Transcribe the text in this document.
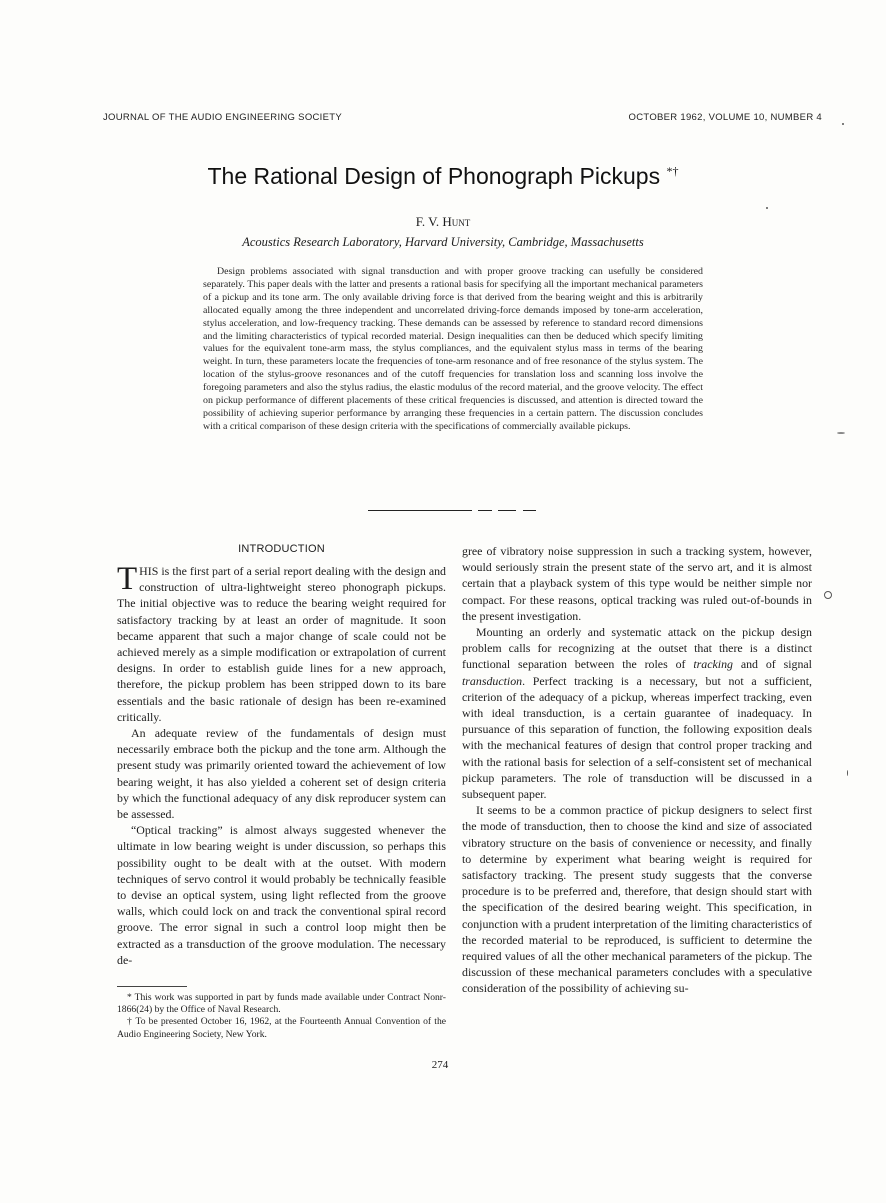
JOURNAL OF THE AUDIO ENGINEERING SOCIETY	OCTOBER 1962, VOLUME 10, NUMBER 4
The Rational Design of Phonograph Pickups *†
F. V. Hunt
Acoustics Research Laboratory, Harvard University, Cambridge, Massachusetts
Design problems associated with signal transduction and with proper groove tracking can usefully be considered separately. This paper deals with the latter and presents a rational basis for specifying all the important mechanical parameters of a pickup and its tone arm. The only available driving force is that derived from the bearing weight and this is arbitrarily allocated equally among the three independent and uncorrelated driving-force demands imposed by tone-arm acceleration, stylus acceleration, and low-frequency tracking. These demands can be assessed by reference to standard record dimensions and the limiting characteristics of typical recorded material. Design inequalities can then be deduced which specify limiting values for the equivalent tone-arm mass, the stylus compliances, and the equivalent stylus mass in terms of the bearing weight. In turn, these parameters locate the frequencies of tone-arm resonance and of free resonance of the stylus system. The location of the stylus-groove resonances and of the cutoff frequencies for translation loss and scanning loss involve the foregoing parameters and also the stylus radius, the elastic modulus of the record material, and the groove velocity. The effect on pickup performance of different placements of these critical frequencies is discussed, and attention is directed toward the possibility of achieving superior performance by arranging these frequencies in a certain pattern. The discussion concludes with a critical comparison of these design criteria with the specifications of commercially available pickups.
INTRODUCTION

THIS is the first part of a serial report dealing with the design and construction of ultra-lightweight stereo phonograph pickups. The initial objective was to reduce the bearing weight required for satisfactory tracking by at least an order of magnitude. It soon became apparent that such a major change of scale could not be achieved merely as a simple modification or extrapolation of current designs. In order to establish guide lines for a new approach, therefore, the pickup problem has been stripped down to its bare essentials and the basic rationale of design has been re-examined critically.

An adequate review of the fundamentals of design must necessarily embrace both the pickup and the tone arm. Although the present study was primarily oriented toward the achievement of low bearing weight, it has also yielded a coherent set of design criteria by which the functional adequacy of any disk reproducer system can be assessed.

“Optical tracking” is almost always suggested whenever the ultimate in low bearing weight is under discussion, so perhaps this possibility ought to be dealt with at the outset. With modern techniques of servo control it would probably be technically feasible to devise an optical system, using light reflected from the groove walls, which could lock on and track the conventional spiral record groove. The error signal in such a control loop might then be extracted as a transduction of the groove modulation. The necessary de-

gree of vibratory noise suppression in such a tracking system, however, would seriously strain the present state of the servo art, and it is almost certain that a playback system of this type would be neither simple nor compact. For these reasons, optical tracking was ruled out-of-bounds in the present investigation.

Mounting an orderly and systematic attack on the pickup design problem calls for recognizing at the outset that there is a distinct functional separation between the roles of tracking and of signal transduction. Perfect tracking is a necessary, but not a sufficient, criterion of the adequacy of a pickup, whereas imperfect tracking, even with ideal transduction, is a certain guarantee of inadequacy. In pursuance of this separation of function, the following exposition deals with the mechanical features of design that control proper tracking and with the rational basis for selection of a self-consistent set of mechanical pickup parameters. The role of transduction will be discussed in a subsequent paper.

It seems to be a common practice of pickup designers to select first the mode of transduction, then to choose the kind and size of associated vibratory structure on the basis of convenience or necessity, and finally to determine by experiment what bearing weight is required for satisfactory tracking. The present study suggests that the converse procedure is to be preferred and, therefore, that design should start with the specification of the desired bearing weight. This specification, in conjunction with a prudent interpretation of the limiting characteristics of the recorded material to be reproduced, is sufficient to determine the required values of all the other mechanical parameters of the pickup. The discussion of these mechanical parameters concludes with a speculative consideration of the possibility of achieving su-

* This work was supported in part by funds made available under Contract Nonr-1866(24) by the Office of Naval Research.

† To be presented October 16, 1962, at the Fourteenth Annual Convention of the Audio Engineering Society, New York.

274
